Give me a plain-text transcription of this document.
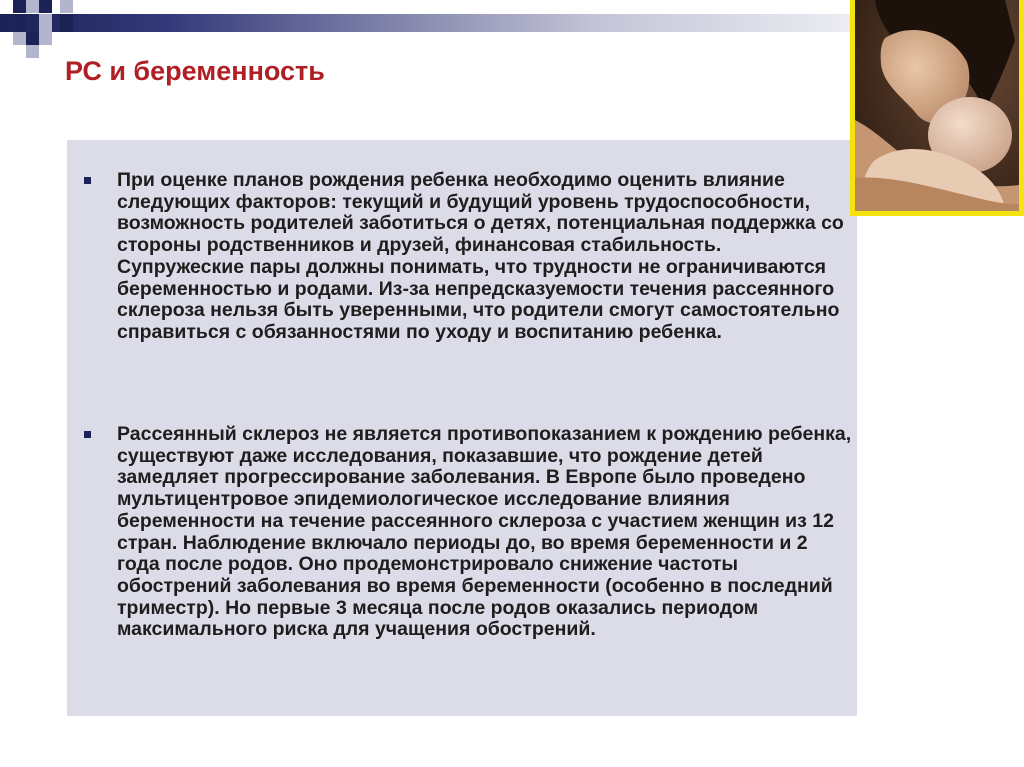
РС и беременность

При оценке планов рождения ребенка необходимо оценить влияние следующих факторов: текущий и будущий уровень трудоспособности, возможность родителей заботиться о детях, потенциальная поддержка со стороны родственников и друзей, финансовая стабильность. Супружеские пары должны понимать, что трудности не ограничиваются беременностью и родами. Из-за непредсказуемости течения рассеянного склероза нельзя быть уверенными, что родители смогут самостоятельно справиться с обязанностями по уходу и воспитанию ребенка.

Рассеянный склероз не является противопоказанием к рождению ребенка, существуют даже исследования, показавшие, что рождение детей замедляет прогрессирование заболевания. В Европе было проведено мультицентровое эпидемиологическое исследование влияния беременности на течение рассеянного склероза с участием женщин из 12 стран. Наблюдение включало периоды до, во время беременности и 2 года после родов. Оно продемонстрировало снижение частоты обострений заболевания во время беременности (особенно в последний триместр). Но первые 3 месяца после родов оказались периодом максимального риска для учащения обострений.
